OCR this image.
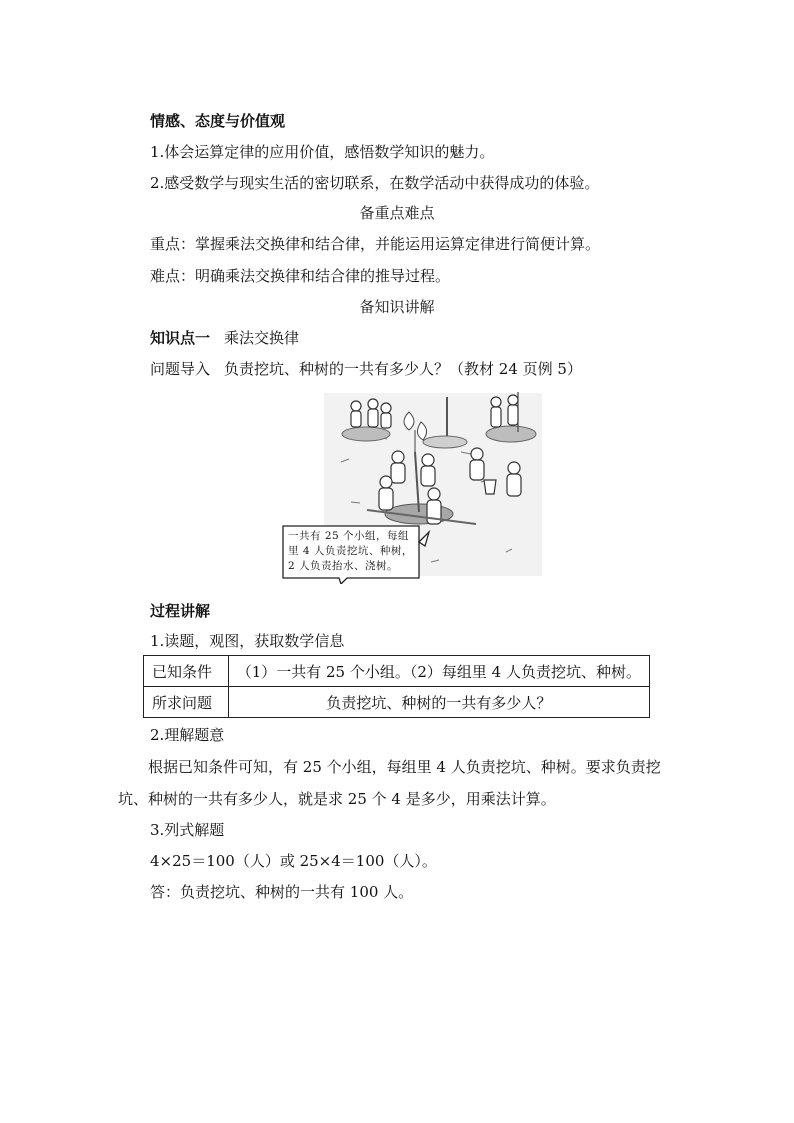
情感、态度与价值观
1.体会运算定律的应用价值，感悟数学知识的魅力。
2.感受数学与现实生活的密切联系，在数学活动中获得成功的体验。
备重点难点
重点：掌握乘法交换律和结合律，并能运用运算定律进行简便计算。
难点：明确乘法交换律和结合律的推导过程。
备知识讲解
知识点一 乘法交换律
问题导入 负责挖坑、种树的一共有多少人？（教材 24 页例 5）
一共有 25 个小组，每组里 4 人负责挖坑、种树，2 人负责抬水、浇树。
过程讲解
1.读题，观图，获取数学信息
已知条件	（1）一共有 25 个小组。（2）每组里 4 人负责挖坑、种树。
所求问题	负责挖坑、种树的一共有多少人？
2.理解题意
根据已知条件可知，有 25 个小组，每组里 4 人负责挖坑、种树。要求负责挖坑、种树的一共有多少人，就是求 25 个 4 是多少，用乘法计算。
3.列式解题
4×25＝100（人）或 25×4＝100（人）。
答：负责挖坑、种树的一共有 100 人。
